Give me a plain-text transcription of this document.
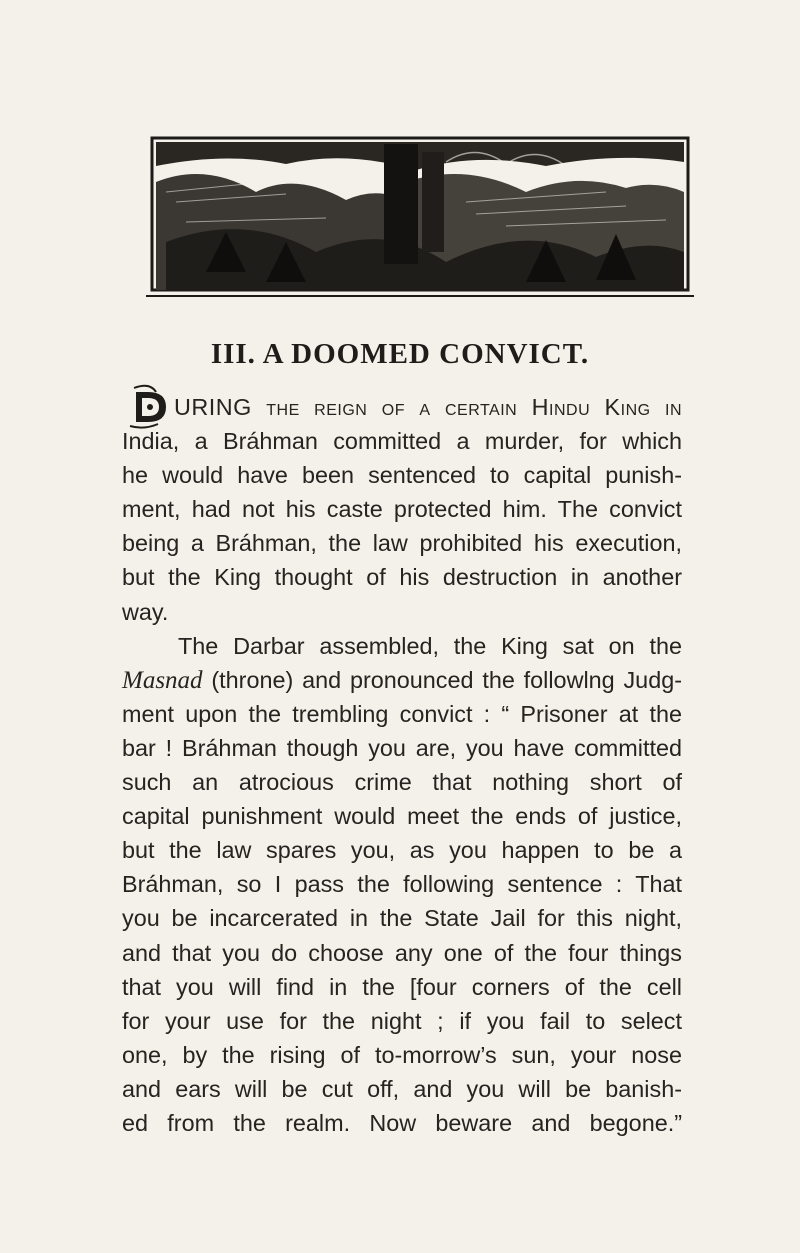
III. A DOOMED CONVICT.
URING the reign of a certain Hindu King in
India, a Bráhman committed a murder, for which
he would have been sentenced to capital punish-
ment, had not his caste protected him. The convict
being a Bráhman, the law prohibited his execution,
but the King thought of his destruction in another
way.
The Darbar assembled, the King sat on the
Masnad (throne) and pronounced the followlng Judg-
ment upon the trembling convict : “ Prisoner at the
bar ! Bráhman though you are, you have committed
such an atrocious crime that nothing short of
capital punishment would meet the ends of justice,
but the law spares you, as you happen to be a
Bráhman, so I pass the following sentence : That
you be incarcerated in the State Jail for this night,
and that you do choose any one of the four things
that you will find in the [four corners of the cell
for your use for the night ; if you fail to select
one, by the rising of to-morrow’s sun, your nose
and ears will be cut off, and you will be banish-
ed from the realm. Now beware and begone.”
